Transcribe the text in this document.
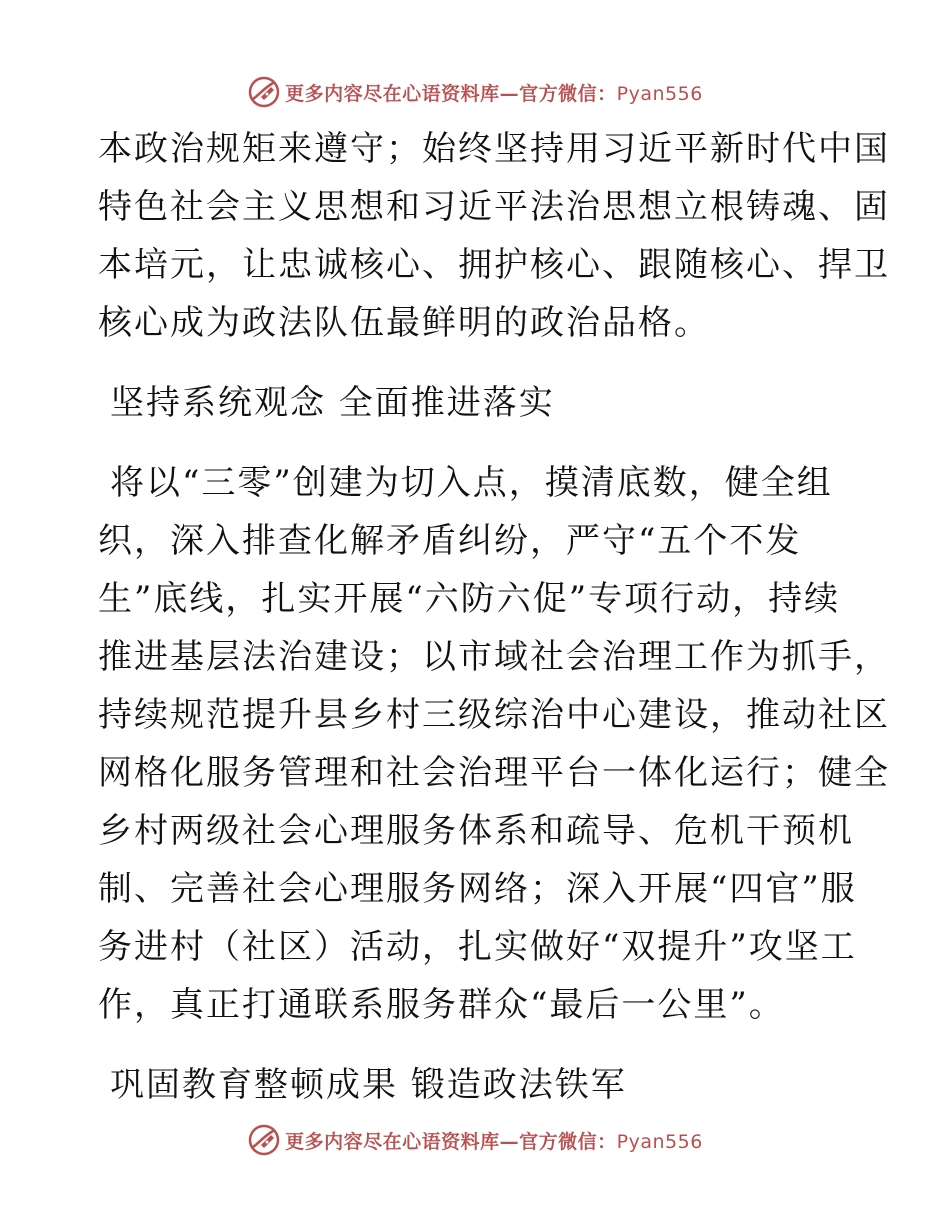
更多内容尽在心语资料库—官方微信：Pyan556
本政治规矩来遵守；始终坚持用习近平新时代中国
特色社会主义思想和习近平法治思想立根铸魂、固
本培元，让忠诚核心、拥护核心、跟随核心、捍卫
核心成为政法队伍最鲜明的政治品格。
坚持系统观念 全面推进落实
将以“三零”创建为切入点，摸清底数，健全组
织，深入排查化解矛盾纠纷，严守“五个不发
生”底线，扎实开展“六防六促”专项行动，持续
推进基层法治建设；以市域社会治理工作为抓手，
持续规范提升县乡村三级综治中心建设，推动社区
网格化服务管理和社会治理平台一体化运行；健全
乡村两级社会心理服务体系和疏导、危机干预机
制、完善社会心理服务网络；深入开展“四官”服
务进村（社区）活动，扎实做好“双提升”攻坚工
作，真正打通联系服务群众“最后一公里”。
巩固教育整顿成果 锻造政法铁军
更多内容尽在心语资料库—官方微信：Pyan556
